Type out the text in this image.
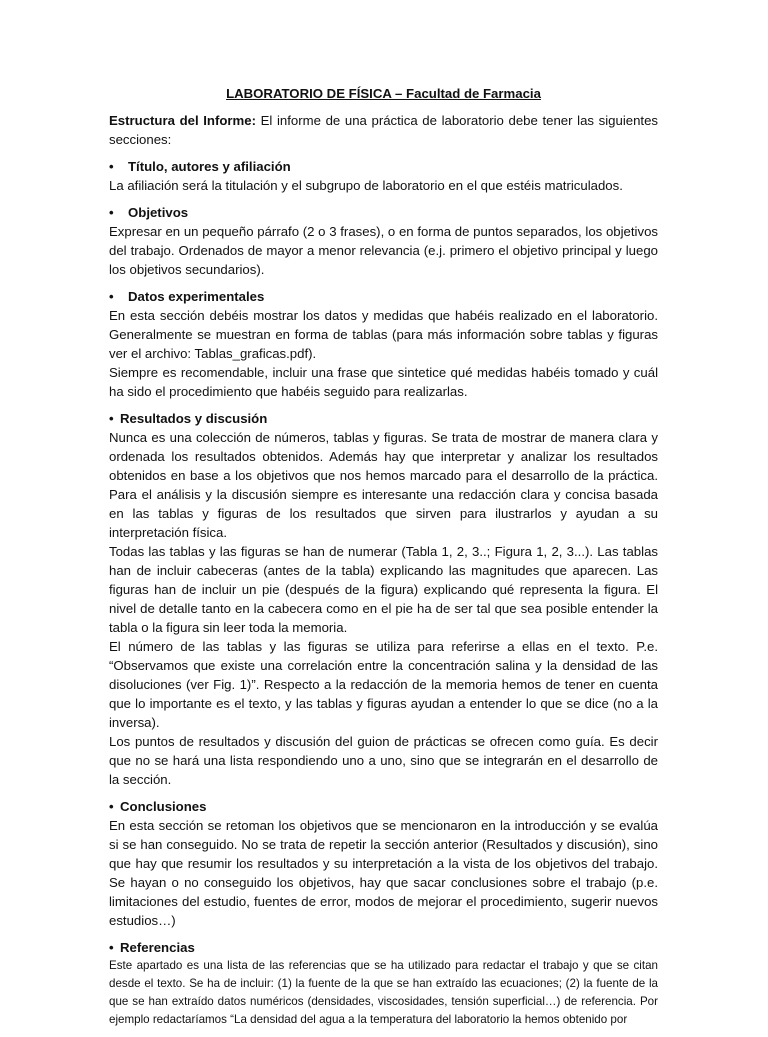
LABORATORIO DE FÍSICA – Facultad de Farmacia

Estructura del Informe: El informe de una práctica de laboratorio debe tener las siguientes secciones:

•	Título, autores y afiliación

La afiliación será la titulación y el subgrupo de laboratorio en el que estéis matriculados.

•	Objetivos

Expresar en un pequeño párrafo (2 o 3 frases), o en forma de puntos separados, los objetivos del trabajo. Ordenados de mayor a menor relevancia (e.j. primero el objetivo principal y luego los objetivos secundarios).

•	Datos experimentales

En esta sección debéis mostrar los datos y medidas que habéis realizado en el laboratorio. Generalmente se muestran en forma de tablas (para más información sobre tablas y figuras ver el archivo: Tablas_graficas.pdf).

Siempre es recomendable, incluir una frase que sintetice qué medidas habéis tomado y cuál ha sido el procedimiento que habéis seguido para realizarlas.

• Resultados y discusión

Nunca es una colección de números, tablas y figuras. Se trata de mostrar de manera clara y ordenada los resultados obtenidos. Además hay que interpretar y analizar los resultados obtenidos en base a los objetivos que nos hemos marcado para el desarrollo de la práctica. Para el análisis y la discusión siempre es interesante una redacción clara y concisa basada en las tablas y figuras de los resultados que sirven para ilustrarlos y ayudan a su interpretación física.

Todas las tablas y las figuras se han de numerar (Tabla 1, 2, 3..; Figura 1, 2, 3...). Las tablas han de incluir cabeceras (antes de la tabla) explicando las magnitudes que aparecen. Las figuras han de incluir un pie (después de la figura) explicando qué representa la figura. El nivel de detalle tanto en la cabecera como en el pie ha de ser tal que sea posible entender la tabla o la figura sin leer toda la memoria.

El número de las tablas y las figuras se utiliza para referirse a ellas en el texto. P.e. “Observamos que existe una correlación entre la concentración salina y la densidad de las disoluciones (ver Fig. 1)”. Respecto a la redacción de la memoria hemos de tener en cuenta que lo importante es el texto, y las tablas y figuras ayudan a entender lo que se dice (no a la inversa).

Los puntos de resultados y discusión del guion de prácticas se ofrecen como guía. Es decir que no se hará una lista respondiendo uno a uno, sino que se integrarán en el desarrollo de la sección.

• Conclusiones

En esta sección se retoman los objetivos que se mencionaron en la introducción y se evalúa si se han conseguido. No se trata de repetir la sección anterior (Resultados y discusión), sino que hay que resumir los resultados y su interpretación a la vista de los objetivos del trabajo. Se hayan o no conseguido los objetivos, hay que sacar conclusiones sobre el trabajo (p.e. limitaciones del estudio, fuentes de error, modos de mejorar el procedimiento, sugerir nuevos estudios…)

• Referencias

Este apartado es una lista de las referencias que se ha utilizado para redactar el trabajo y que se citan desde el texto. Se ha de incluir: (1) la fuente de la que se han extraído las ecuaciones; (2) la fuente de la que se han extraído datos numéricos (densidades, viscosidades, tensión superficial…) de referencia. Por ejemplo redactaríamos “La densidad del agua a la temperatura del laboratorio la hemos obtenido por
